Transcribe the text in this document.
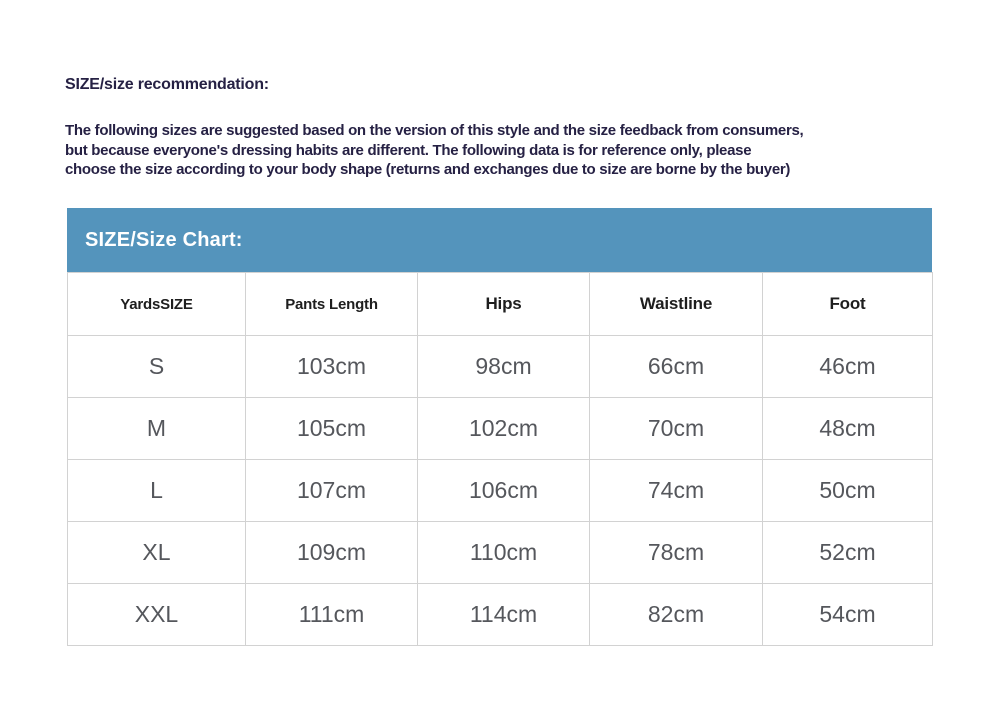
SIZE/size recommendation:
The following sizes are suggested based on the version of this style and the size feedback from consumers,
but because everyone's dressing habits are different. The following data is for reference only, please
choose the size according to your body shape (returns and exchanges due to size are borne by the buyer)
SIZE/Size Chart:
YardsSIZE	Pants Length	Hips	Waistline	Foot
S	103cm	98cm	66cm	46cm
M	105cm	102cm	70cm	48cm
L	107cm	106cm	74cm	50cm
XL	109cm	110cm	78cm	52cm
XXL	111cm	114cm	82cm	54cm
